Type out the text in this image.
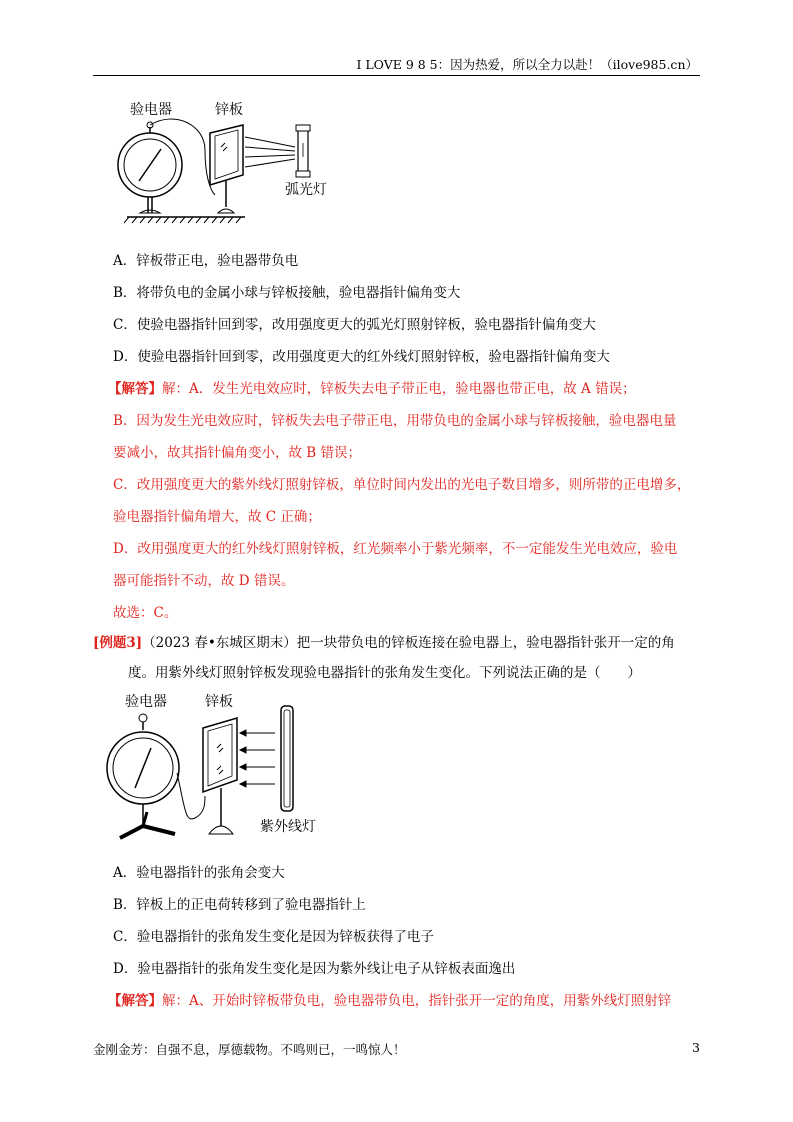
I LOVE 9 8 5：因为热爱，所以全力以赴！（ilove985.cn）
验电器	锌板
弧光灯
A．锌板带正电，验电器带负电
B．将带负电的金属小球与锌板接触，验电器指针偏角变大
C．使验电器指针回到零，改用强度更大的弧光灯照射锌板，验电器指针偏角变大
D．使验电器指针回到零，改用强度更大的红外线灯照射锌板，验电器指针偏角变大
【解答】解：A．发生光电效应时，锌板失去电子带正电，验电器也带正电，故 A 错误；
B．因为发生光电效应时，锌板失去电子带正电，用带负电的金属小球与锌板接触，验电器电量
要减小，故其指针偏角变小，故 B 错误；
C．改用强度更大的紫外线灯照射锌板，单位时间内发出的光电子数目增多，则所带的正电增多，
验电器指针偏角增大，故 C 正确；
D．改用强度更大的红外线灯照射锌板，红光频率小于紫光频率，不一定能发生光电效应，验电
器可能指针不动，故 D 错误。
故选：C。
[例题3]（2023 春•东城区期末）把一块带负电的锌板连接在验电器上，验电器指针张开一定的角
度。用紫外线灯照射锌板发现验电器指针的张角发生变化。下列说法正确的是（　　）
验电器	锌板
紫外线灯
A．验电器指针的张角会变大
B．锌板上的正电荷转移到了验电器指针上
C．验电器指针的张角发生变化是因为锌板获得了电子
D．验电器指针的张角发生变化是因为紫外线让电子从锌板表面逸出
【解答】解：A、开始时锌板带负电，验电器带负电，指针张开一定的角度，用紫外线灯照射锌
金刚金芳：自强不息，厚德载物。不鸣则已，一鸣惊人！	3
